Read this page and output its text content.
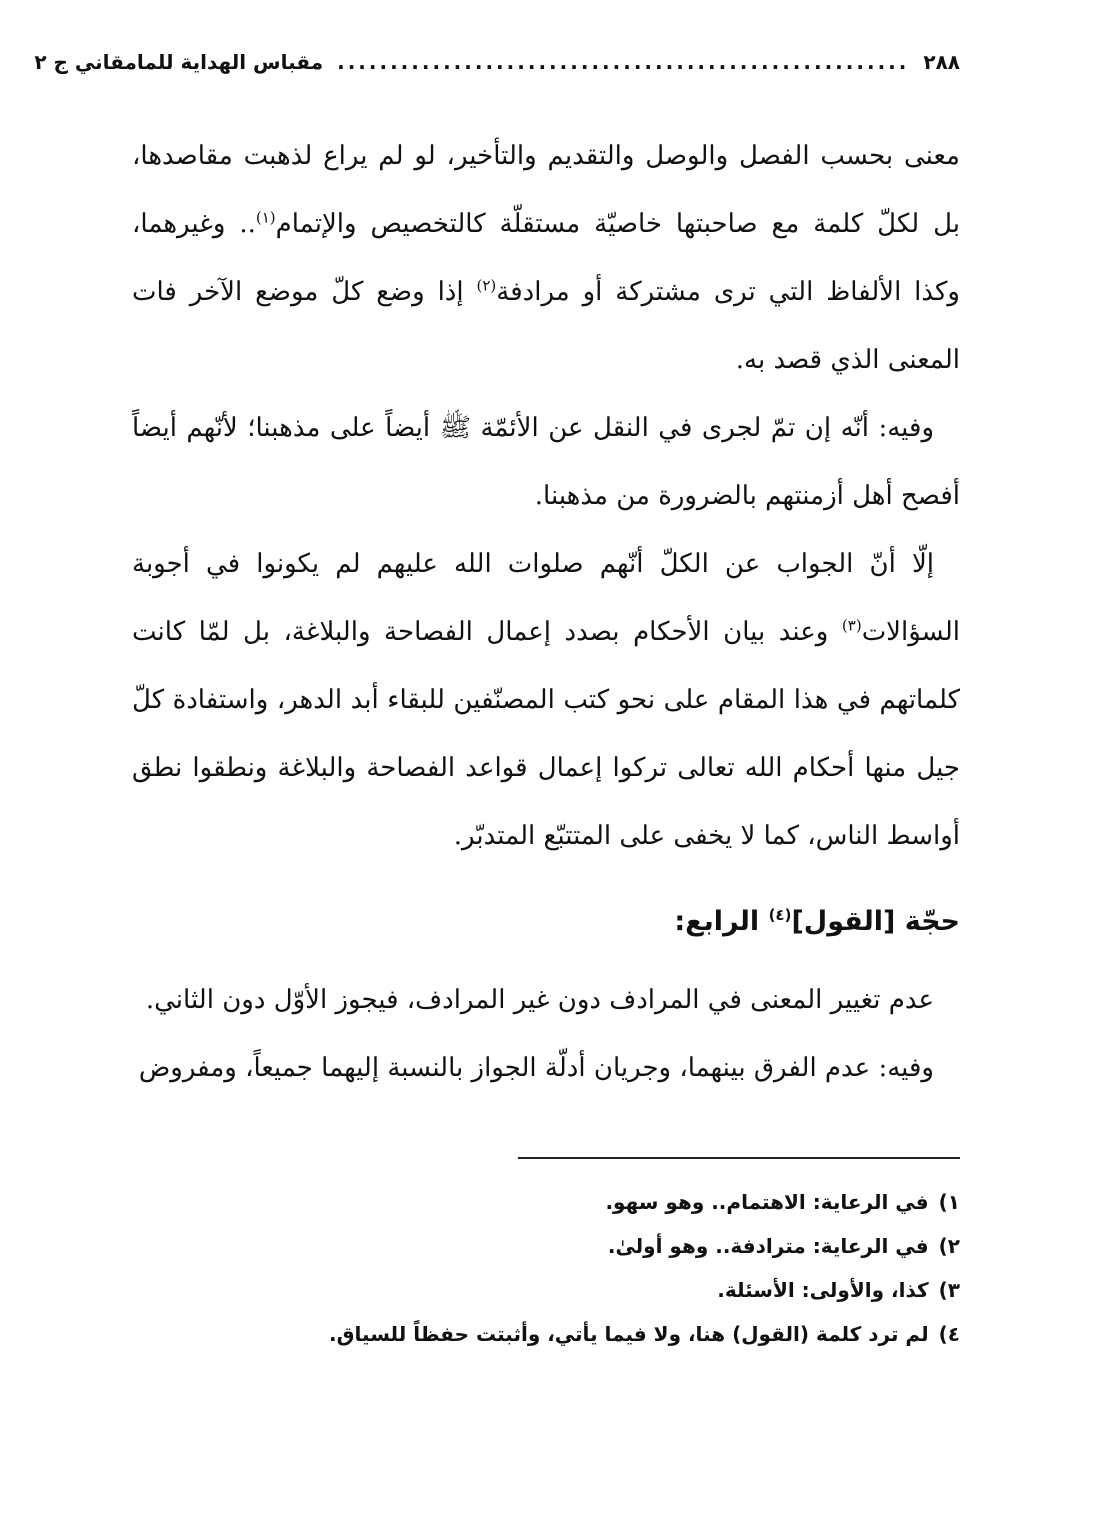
٢٨٨
......................................................
مقباس الهداية للمامقاني ج ٢

معنى بحسب الفصل والوصل والتقديم والتأخير، لو لم يراع لذهبت مقاصدها، بل لكلّ كلمة مع صاحبتها خاصيّة مستقلّة كالتخصيص والإتمام$^{(١)}$.. وغيرهما، وكذا الألفاظ التي ترى مشتركة أو مرادفة$^{(٢)}$ إذا وضع كلّ موضع الآخر فات المعنى الذي قصد به.

وفيه: أنّه إن تمّ لجرى في النقل عن الأئمّة ﷺ أيضاً على مذهبنا؛ لأنّهم أيضاً أفصح أهل أزمنتهم بالضرورة من مذهبنا.

إلّا أنّ الجواب عن الكلّ أنّهم صلوات الله عليهم لم يكونوا في أجوبة السؤالات$^{(٣)}$ وعند بيان الأحكام بصدد إعمال الفصاحة والبلاغة، بل لمّا كانت كلماتهم في هذا المقام على نحو كتب المصنّفين للبقاء أبد الدهر، واستفادة كلّ جيل منها أحكام الله تعالى تركوا إعمال قواعد الفصاحة والبلاغة ونطقوا نطق أواسط الناس، كما لا يخفى على المتتبّع المتدبّر.

حجّة [القول]$^{(٤)}$ الرابع:

عدم تغيير المعنى في المرادف دون غير المرادف، فيجوز الأوّل دون الثاني.

وفيه: عدم الفرق بينهما، وجريان أدلّة الجواز بالنسبة إليهما جميعاً، ومفروض

١)
في الرعاية: الاهتمام.. وهو سهو.
٢)
في الرعاية: مترادفة.. وهو أولىٰ.
٣)
كذا، والأولى: الأسئلة.
٤)
لم ترد كلمة (القول) هنا، ولا فيما يأتي، وأثبتت حفظاً للسياق.
